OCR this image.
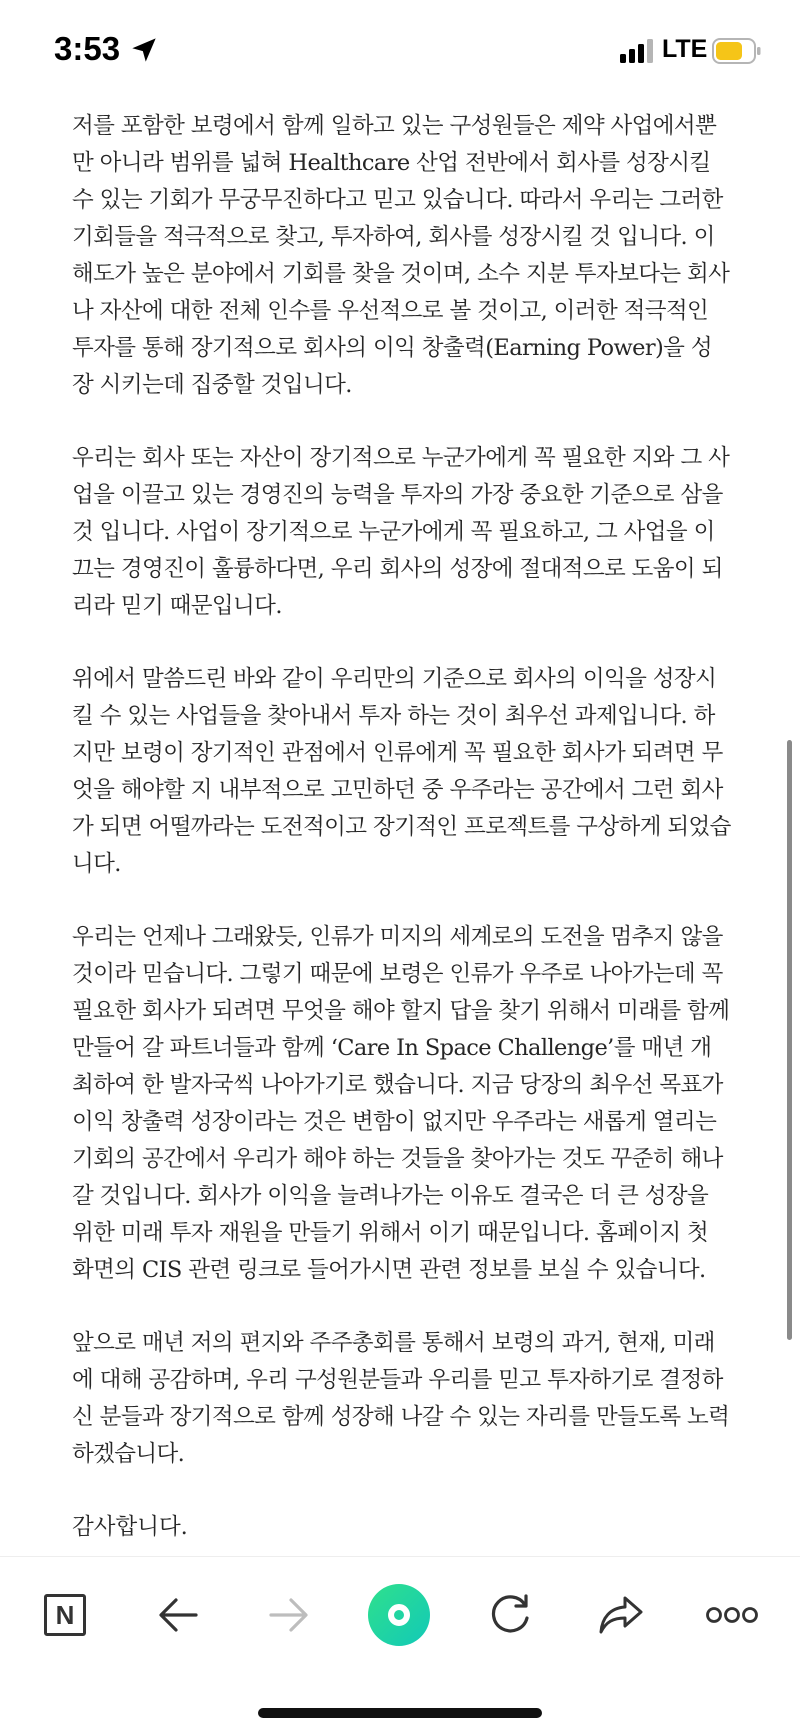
3:53	LTE

저를 포함한 보령에서 함께 일하고 있는 구성원들은 제약 사업에서뿐만 아니라 범위를 넓혀 Healthcare 산업 전반에서 회사를 성장시킬 수 있는 기회가 무궁무진하다고 믿고 있습니다. 따라서 우리는 그러한 기회들을 적극적으로 찾고, 투자하여, 회사를 성장시킬 것 입니다. 이해도가 높은 분야에서 기회를 찾을 것이며, 소수 지분 투자보다는 회사나 자산에 대한 전체 인수를 우선적으로 볼 것이고, 이러한 적극적인 투자를 통해 장기적으로 회사의 이익 창출력(Earning Power)을 성장 시키는데 집중할 것입니다.

우리는 회사 또는 자산이 장기적으로 누군가에게 꼭 필요한 지와 그 사업을 이끌고 있는 경영진의 능력을 투자의 가장 중요한 기준으로 삼을 것 입니다. 사업이 장기적으로 누군가에게 꼭 필요하고, 그 사업을 이끄는 경영진이 훌륭하다면, 우리 회사의 성장에 절대적으로 도움이 되리라 믿기 때문입니다.

위에서 말씀드린 바와 같이 우리만의 기준으로 회사의 이익을 성장시킬 수 있는 사업들을 찾아내서 투자 하는 것이 최우선 과제입니다. 하지만 보령이 장기적인 관점에서 인류에게 꼭 필요한 회사가 되려면 무엇을 해야할 지 내부적으로 고민하던 중 우주라는 공간에서 그런 회사가 되면 어떨까라는 도전적이고 장기적인 프로젝트를 구상하게 되었습니다.

우리는 언제나 그래왔듯, 인류가 미지의 세계로의 도전을 멈추지 않을 것이라 믿습니다. 그렇기 때문에 보령은 인류가 우주로 나아가는데 꼭 필요한 회사가 되려면 무엇을 해야 할지 답을 찾기 위해서 미래를 함께 만들어 갈 파트너들과 함께 ‘Care In Space Challenge’를 매년 개최하여 한 발자국씩 나아가기로 했습니다. 지금 당장의 최우선 목표가 이익 창출력 성장이라는 것은 변함이 없지만 우주라는 새롭게 열리는 기회의 공간에서 우리가 해야 하는 것들을 찾아가는 것도 꾸준히 해나갈 것입니다. 회사가 이익을 늘려나가는 이유도 결국은 더 큰 성장을 위한 미래 투자 재원을 만들기 위해서 이기 때문입니다. 홈페이지 첫 화면의 CIS 관련 링크로 들어가시면 관련 정보를 보실 수 있습니다.

앞으로 매년 저의 편지와 주주총회를 통해서 보령의 과거, 현재, 미래에 대해 공감하며, 우리 구성원분들과 우리를 믿고 투자하기로 결정하신 분들과 장기적으로 함께 성장해 나갈 수 있는 자리를 만들도록 노력 하겠습니다.

감사합니다.

N
